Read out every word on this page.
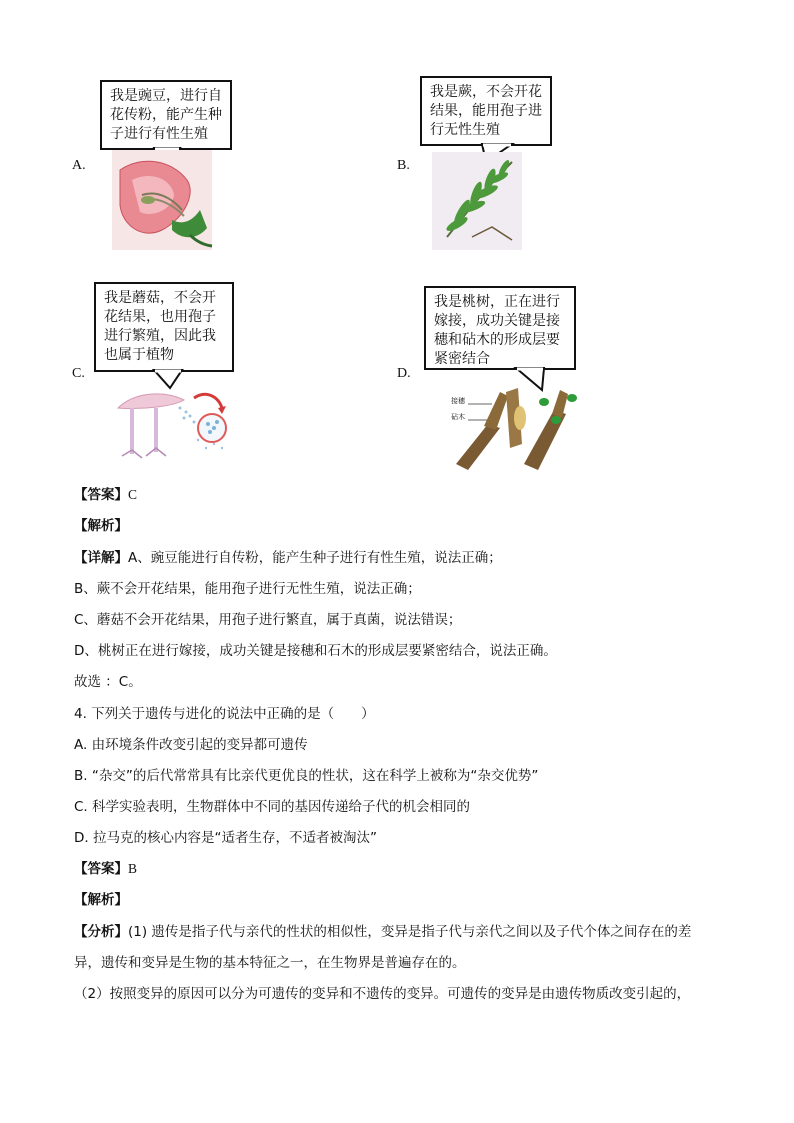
A.
我是豌豆，进行自
花传粉，能产生种
子进行有性生殖
B.
我是蕨，不会开花
结果，能用孢子进
行无性生殖
C.
我是蘑菇，不会开
花结果，也用孢子
进行繁殖，因此我
也属于植物
D.
我是桃树，正在进行
嫁接，成功关键是接
穗和砧木的形成层要
紧密结合
接穗
砧木
【答案】C
【解析】
【详解】A、豌豆能进行自传粉，能产生种子进行有性生殖，说法正确；
B、蕨不会开花结果，能用孢子进行无性生殖，说法正确；
C、蘑菇不会开花结果，用孢子进行繁直，属于真菌，说法错误；
D、桃树正在进行嫁接，成功关键是接穗和石木的形成层要紧密结合，说法正确。
故选 ：C。
4. 下列关于遗传与进化的说法中正确的是（　　）
A. 由环境条件改变引起的变异都可遗传
B. “杂交”的后代常常具有比亲代更优良的性状，这在科学上被称为“杂交优势”
C. 科学实验表明，生物群体中不同的基因传递给子代的机会相同的
D. 拉马克的核心内容是“适者生存，不适者被淘汰”
【答案】B
【解析】
【分析】(1) 遗传是指子代与亲代的性状的相似性，变异是指子代与亲代之间以及子代个体之间存在的差
异，遗传和变异是生物的基本特征之一，在生物界是普遍存在的。
（2）按照变异的原因可以分为可遗传的变异和不遗传的变异。可遗传的变异是由遗传物质改变引起的，
